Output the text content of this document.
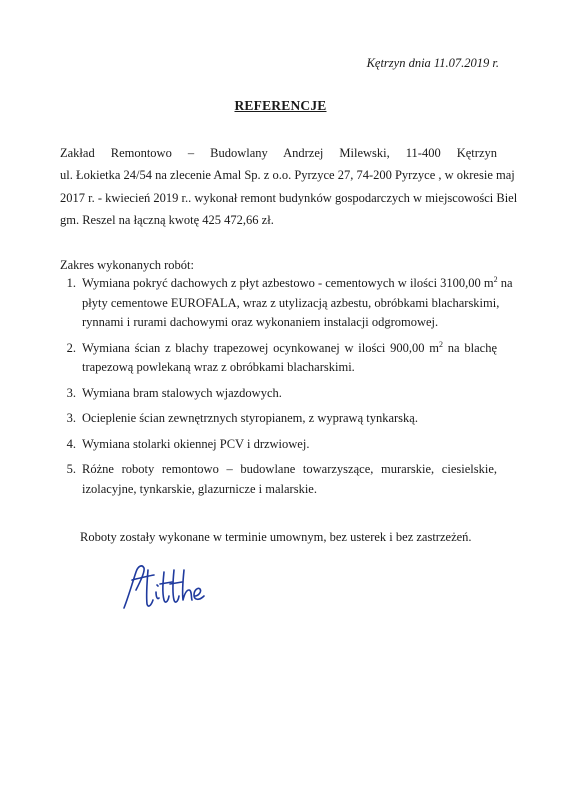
Kętrzyn dnia 11.07.2019 r.
REFERENCJE
Zakład Remontowo – Budowlany Andrzej Milewski, 11-400 Kętrzyn
ul. Łokietka 24/54 na zlecenie Amal Sp. z o.o. Pyrzyce 27, 74-200 Pyrzyce , w okresie maj
2017 r. - kwiecień 2019 r.. wykonał remont budynków gospodarczych w miejscowości Biel
gm. Reszel na łączną kwotę 425 472,66 zł.
Zakres wykonanych robót:
1. Wymiana pokryć dachowych z płyt azbestowo - cementowych w ilości 3100,00 $m^2$ na
płyty cementowe EUROFALA, wraz z utylizacją azbestu, obróbkami blacharskimi,
rynnami i rurami dachowymi oraz wykonaniem instalacji odgromowej.
2. Wymiana ścian z blachy trapezowej ocynkowanej w ilości 900,00 $m^2$ na blachę
trapezową powlekaną wraz z obróbkami blacharskimi.
3. Wymiana bram stalowych wjazdowych.
3. Ocieplenie ścian zewnętrznych styropianem, z wyprawą tynkarską.
4. Wymiana stolarki okiennej PCV i drzwiowej.
5. Różne roboty remontowo – budowlane towarzyszące, murarskie, ciesielskie,
izolacyjne, tynkarskie, glazurnicze i malarskie.
Roboty zostały wykonane w terminie umownym, bez usterek i bez zastrzeżeń.
